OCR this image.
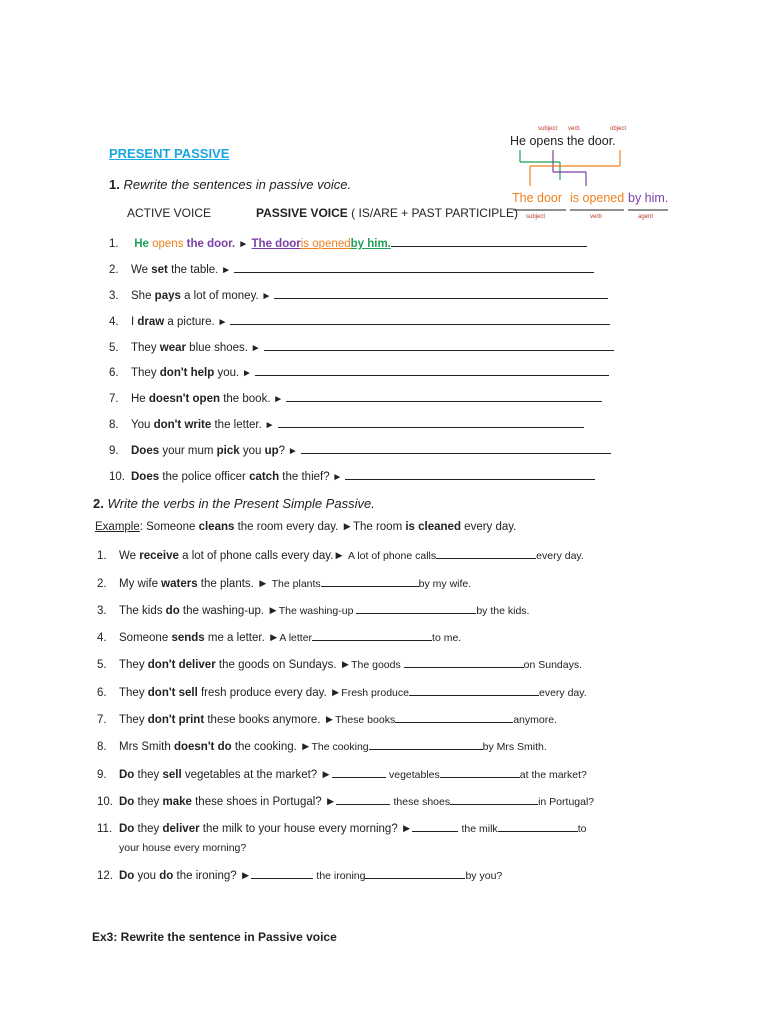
PRESENT PASSIVE
1. Rewrite the sentences in passive voice.
ACTIVE VOICE	PASSIVE VOICE ( IS/ARE + PAST PARTICIPLE)
subject verb	object
He opens the door.
The door is opened by him.
subject	verb	agent
1. He opens the door. ► The dooris openedby him.
2. We set the table. ►
3. She pays a lot of money. ►
4. I draw a picture. ►
5. They wear blue shoes. ►
6. They don't help you. ►
7. He doesn't open the book. ►
8. You don't write the letter. ►
9. Does your mum pick you up? ►
10. Does the police officer catch the thief? ►
2. Write the verbs in the Present Simple Passive.
Example: Someone cleans the room every day. ►The room is cleaned every day.
1. We receive a lot of phone calls every day.► A lot of phone calls	every day.
2. My wife waters the plants. ► The plants	by my wife.
3. The kids do the washing-up. ►The washing-up	by the kids.
4. Someone sends me a letter. ►A letter	to me.
5. They don't deliver the goods on Sundays. ►The goods	on Sundays.
6. They don't sell fresh produce every day. ►Fresh produce	every day.
7. They don't print these books anymore. ►These books	anymore.
8. Mrs Smith doesn't do the cooking. ►The cooking	by Mrs Smith.
9. Do they sell vegetables at the market? ►	vegetables	at the market?
10. Do they make these shoes in Portugal? ►	these shoes	in Portugal?
11. Do they deliver the milk to your house every morning? ►	the milk	to
your house every morning?
12. Do you do the ironing? ►	the ironing	by you?
Ex3: Rewrite the sentence in Passive voice
